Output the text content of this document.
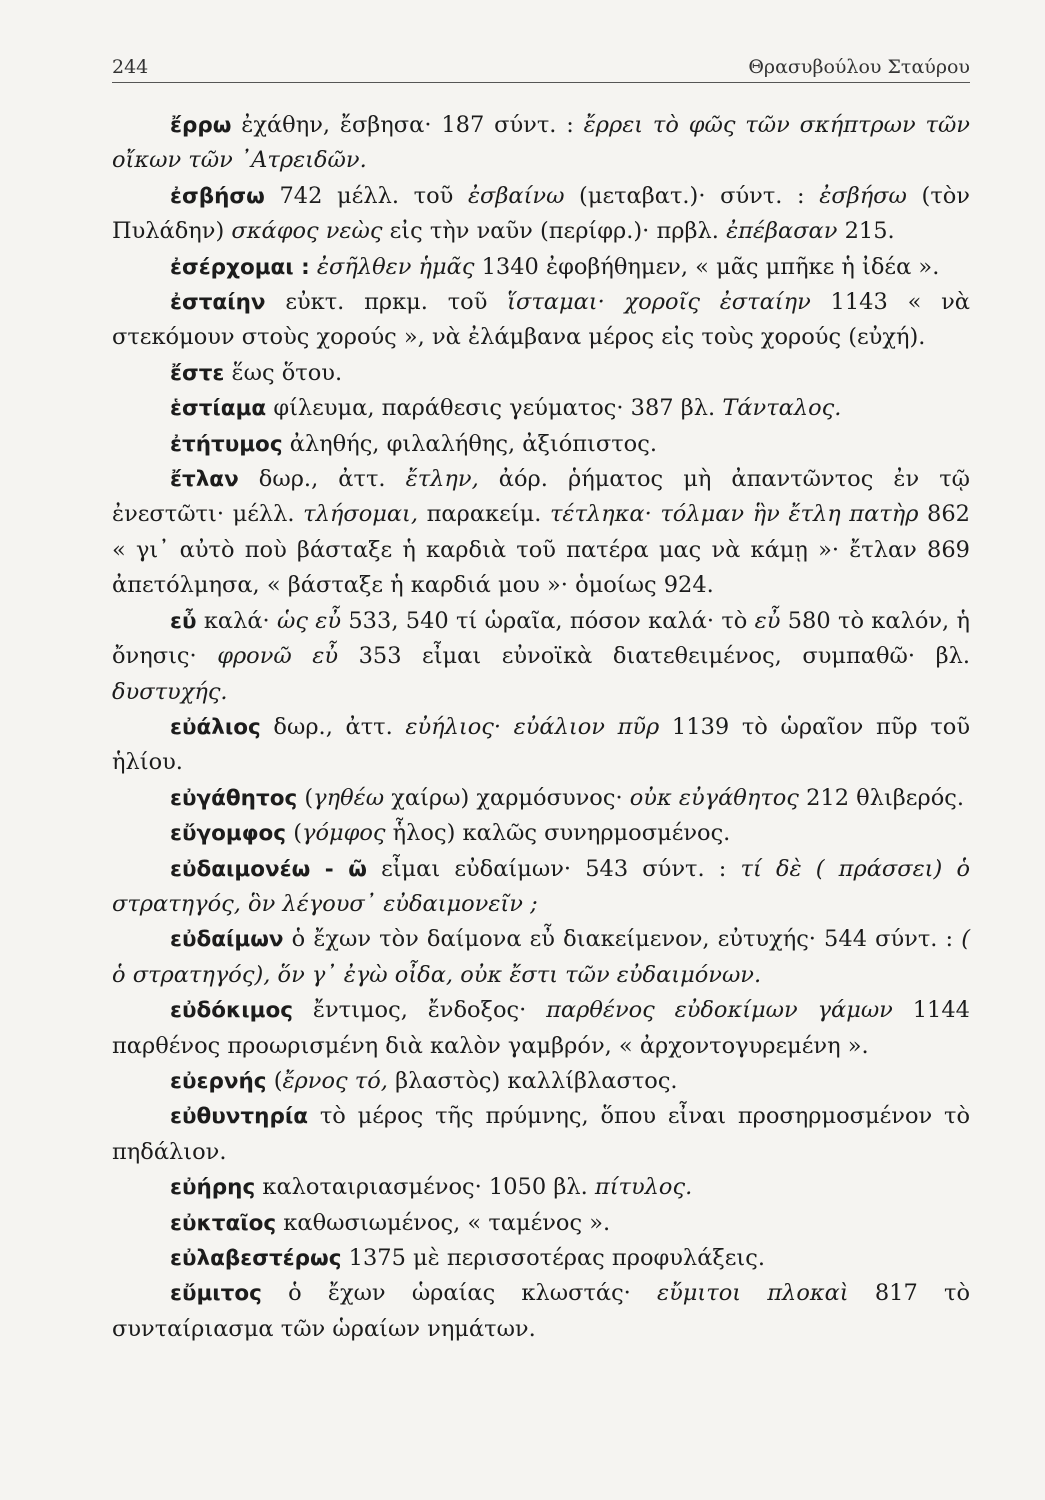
244	Θρασυβούλου Σταύρου

ἔρρω ἐχάθην, ἔσβησα· 187 σύντ. : ἔρρει τὸ φῶς τῶν σκήπτρων τῶν οἴκων τῶν ᾿Ατρειδῶν.

ἐσβήσω 742 μέλλ. τοῦ ἐσβαίνω (μεταβατ.)· σύντ. : ἐσβήσω (τὸν Πυλάδην) σκάφος νεὼς εἰς τὴν ναῦν (περίφρ.)· πρβλ. ἐπέβασαν 215.

ἐσέρχομαι : ἐσῆλθεν ἡμᾶς 1340 ἐφοβήθημεν, « μᾶς μπῆκε ἡ ἰδέα ».

ἐσταίην εὐκτ. πρκμ. τοῦ ἵσταμαι· χοροῖς ἐσταίην 1143 « νὰ στεκόμουν στοὺς χορούς », νὰ ἐλάμβανα μέρος εἰς τοὺς χορούς (εὐχή).

ἔστε ἕως ὅτου.

ἑστίαμα φίλευμα, παράθεσις γεύματος· 387 βλ. Τάνταλος.

ἐτήτυμος ἀληθής, φιλαλήθης, ἀξιόπιστος.

ἔτλαν δωρ., ἀττ. ἔτλην, ἀόρ. ῥήματος μὴ ἀπαντῶντος ἐν τῷ ἐνεστῶτι· μέλλ. τλήσομαι, παρακείμ. τέτληκα· τόλμαν ἣν ἔτλη πατὴρ 862 « γι᾿ αὐτὸ ποὺ βάσταξε ἡ καρδιὰ τοῦ πατέρα μας νὰ κάμῃ »· ἔτλαν 869 ἀπετόλμησα, « βάσταξε ἡ καρδιά μου »· ὁμοίως 924.

εὖ καλά· ὡς εὖ 533, 540 τί ὡραῖα, πόσον καλά· τὸ εὖ 580 τὸ καλόν, ἡ ὄνησις· φρονῶ εὖ 353 εἶμαι εὐνοϊκὰ διατεθειμένος, συμπαθῶ· βλ. δυστυχής.

εὐάλιος δωρ., ἀττ. εὐήλιος· εὐάλιον πῦρ 1139 τὸ ὡραῖον πῦρ τοῦ ἡλίου.

εὐγάθητος (γηθέω χαίρω) χαρμόσυνος· οὐκ εὐγάθητος 212 θλιβερός.

εὔγομφος (γόμφος ἧλος) καλῶς συνηρμοσμένος.

εὐδαιμονέω - ῶ εἶμαι εὐδαίμων· 543 σύντ. : τί δὲ ( πράσσει) ὁ στρατηγός, ὃν λέγουσ᾿ εὐδαιμονεῖν ;

εὐδαίμων ὁ ἔχων τὸν δαίμονα εὖ διακείμενον, εὐτυχής· 544 σύντ. : ( ὁ στρατηγός), ὅν γ᾿ ἐγὼ οἶδα, οὐκ ἔστι τῶν εὐδαιμόνων.

εὐδόκιμος ἔντιμος, ἔνδοξος· παρθένος εὐδοκίμων γάμων 1144 παρθένος προωρισμένη διὰ καλὸν γαμβρόν, « ἀρχοντογυρεμένη ».

εὐερνής (ἔρνος τό, βλαστὸς) καλλίβλαστος.

εὐθυντηρία τὸ μέρος τῆς πρύμνης, ὅπου εἶναι προσηρμοσμένον τὸ πηδάλιον.

εὐήρης καλοταιριασμένος· 1050 βλ. πίτυλος.

εὐκταῖος καθωσιωμένος, « ταμένος ».

εὐλαβεστέρως 1375 μὲ περισσοτέρας προφυλάξεις.

εὔμιτος ὁ ἔχων ὡραίας κλωστάς· εὔμιτοι πλοκαὶ 817 τὸ συνταίριασμα τῶν ὡραίων νημάτων.
